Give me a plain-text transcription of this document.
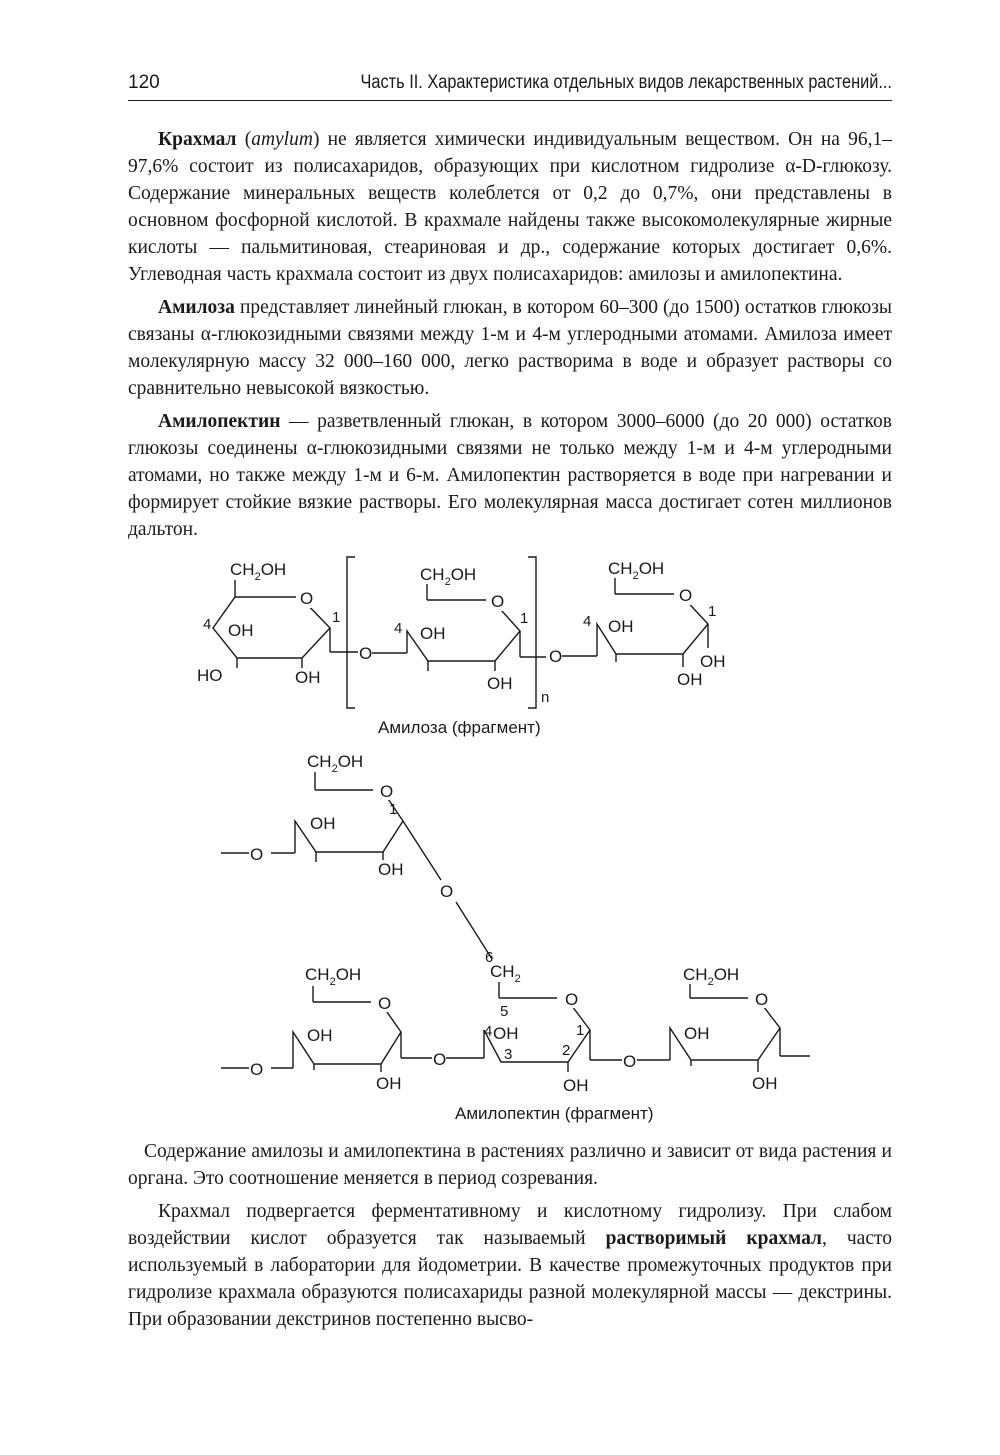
120	Часть II. Характеристика отдельных видов лекарственных растений...

Крахмал (amylum) не является химически индивидуальным веществом. Он на 96,1–97,6% состоит из полисахаридов, образующих при кислотном гидролизе α-D-глюкозу. Содержание минеральных веществ колеблется от 0,2 до 0,7%, они представлены в основном фосфорной кислотой. В крахмале найдены также высокомолекулярные жирные кислоты — пальмитиновая, стеариновая и др., содержание которых достигает 0,6%. Углеводная часть крахмала состоит из двух полисахаридов: амилозы и амилопектина.

Амилоза представляет линейный глюкан, в котором 60–300 (до 1500) остатков глюкозы связаны α-глюкозидными связями между 1-м и 4-м углеродными атомами. Амилоза имеет молекулярную массу 32 000–160 000, легко растворима в воде и образует растворы со сравнительно невысокой вязкостью.

Амилопектин — разветвленный глюкан, в котором 3000–6000 (до 20 000) остатков глюкозы соединены α-глюкозидными связями не только между 1-м и 4-м углеродными атомами, но также между 1-м и 6-м. Амилопектин растворяется в воде при нагревании и формирует стойкие вязкие растворы. Его молекулярная масса достигает сотен миллионов дальтон.

$CH_2OH$
O
4	1
OH
HO	OH
O
$CH_2OH$
O
4
1
OH
OH
n
O
$CH_2OH$
O
4
1
OH
OH
OH
Амилоза (фрагмент)
$CH_2OH$
O
1
OH
OH
O
O
$CH_2OH$
O
OH
OH
O
O
6
$CH_2$
O
5
4 OH
3	2
1
OH
O
$CH_2OH$
O
OH
OH
Амилопектин (фрагмент)

Содержание амилозы и амилопектина в растениях различно и зависит от вида растения и органа. Это соотношение меняется в период созревания.

Крахмал подвергается ферментативному и кислотному гидролизу. При слабом воздействии кислот образуется так называемый растворимый крахмал, часто используемый в лаборатории для йодометрии. В качестве промежуточных продуктов при гидролизе крахмала образуются полисахариды разной молекулярной массы — декстрины. При образовании декстринов постепенно высво-
